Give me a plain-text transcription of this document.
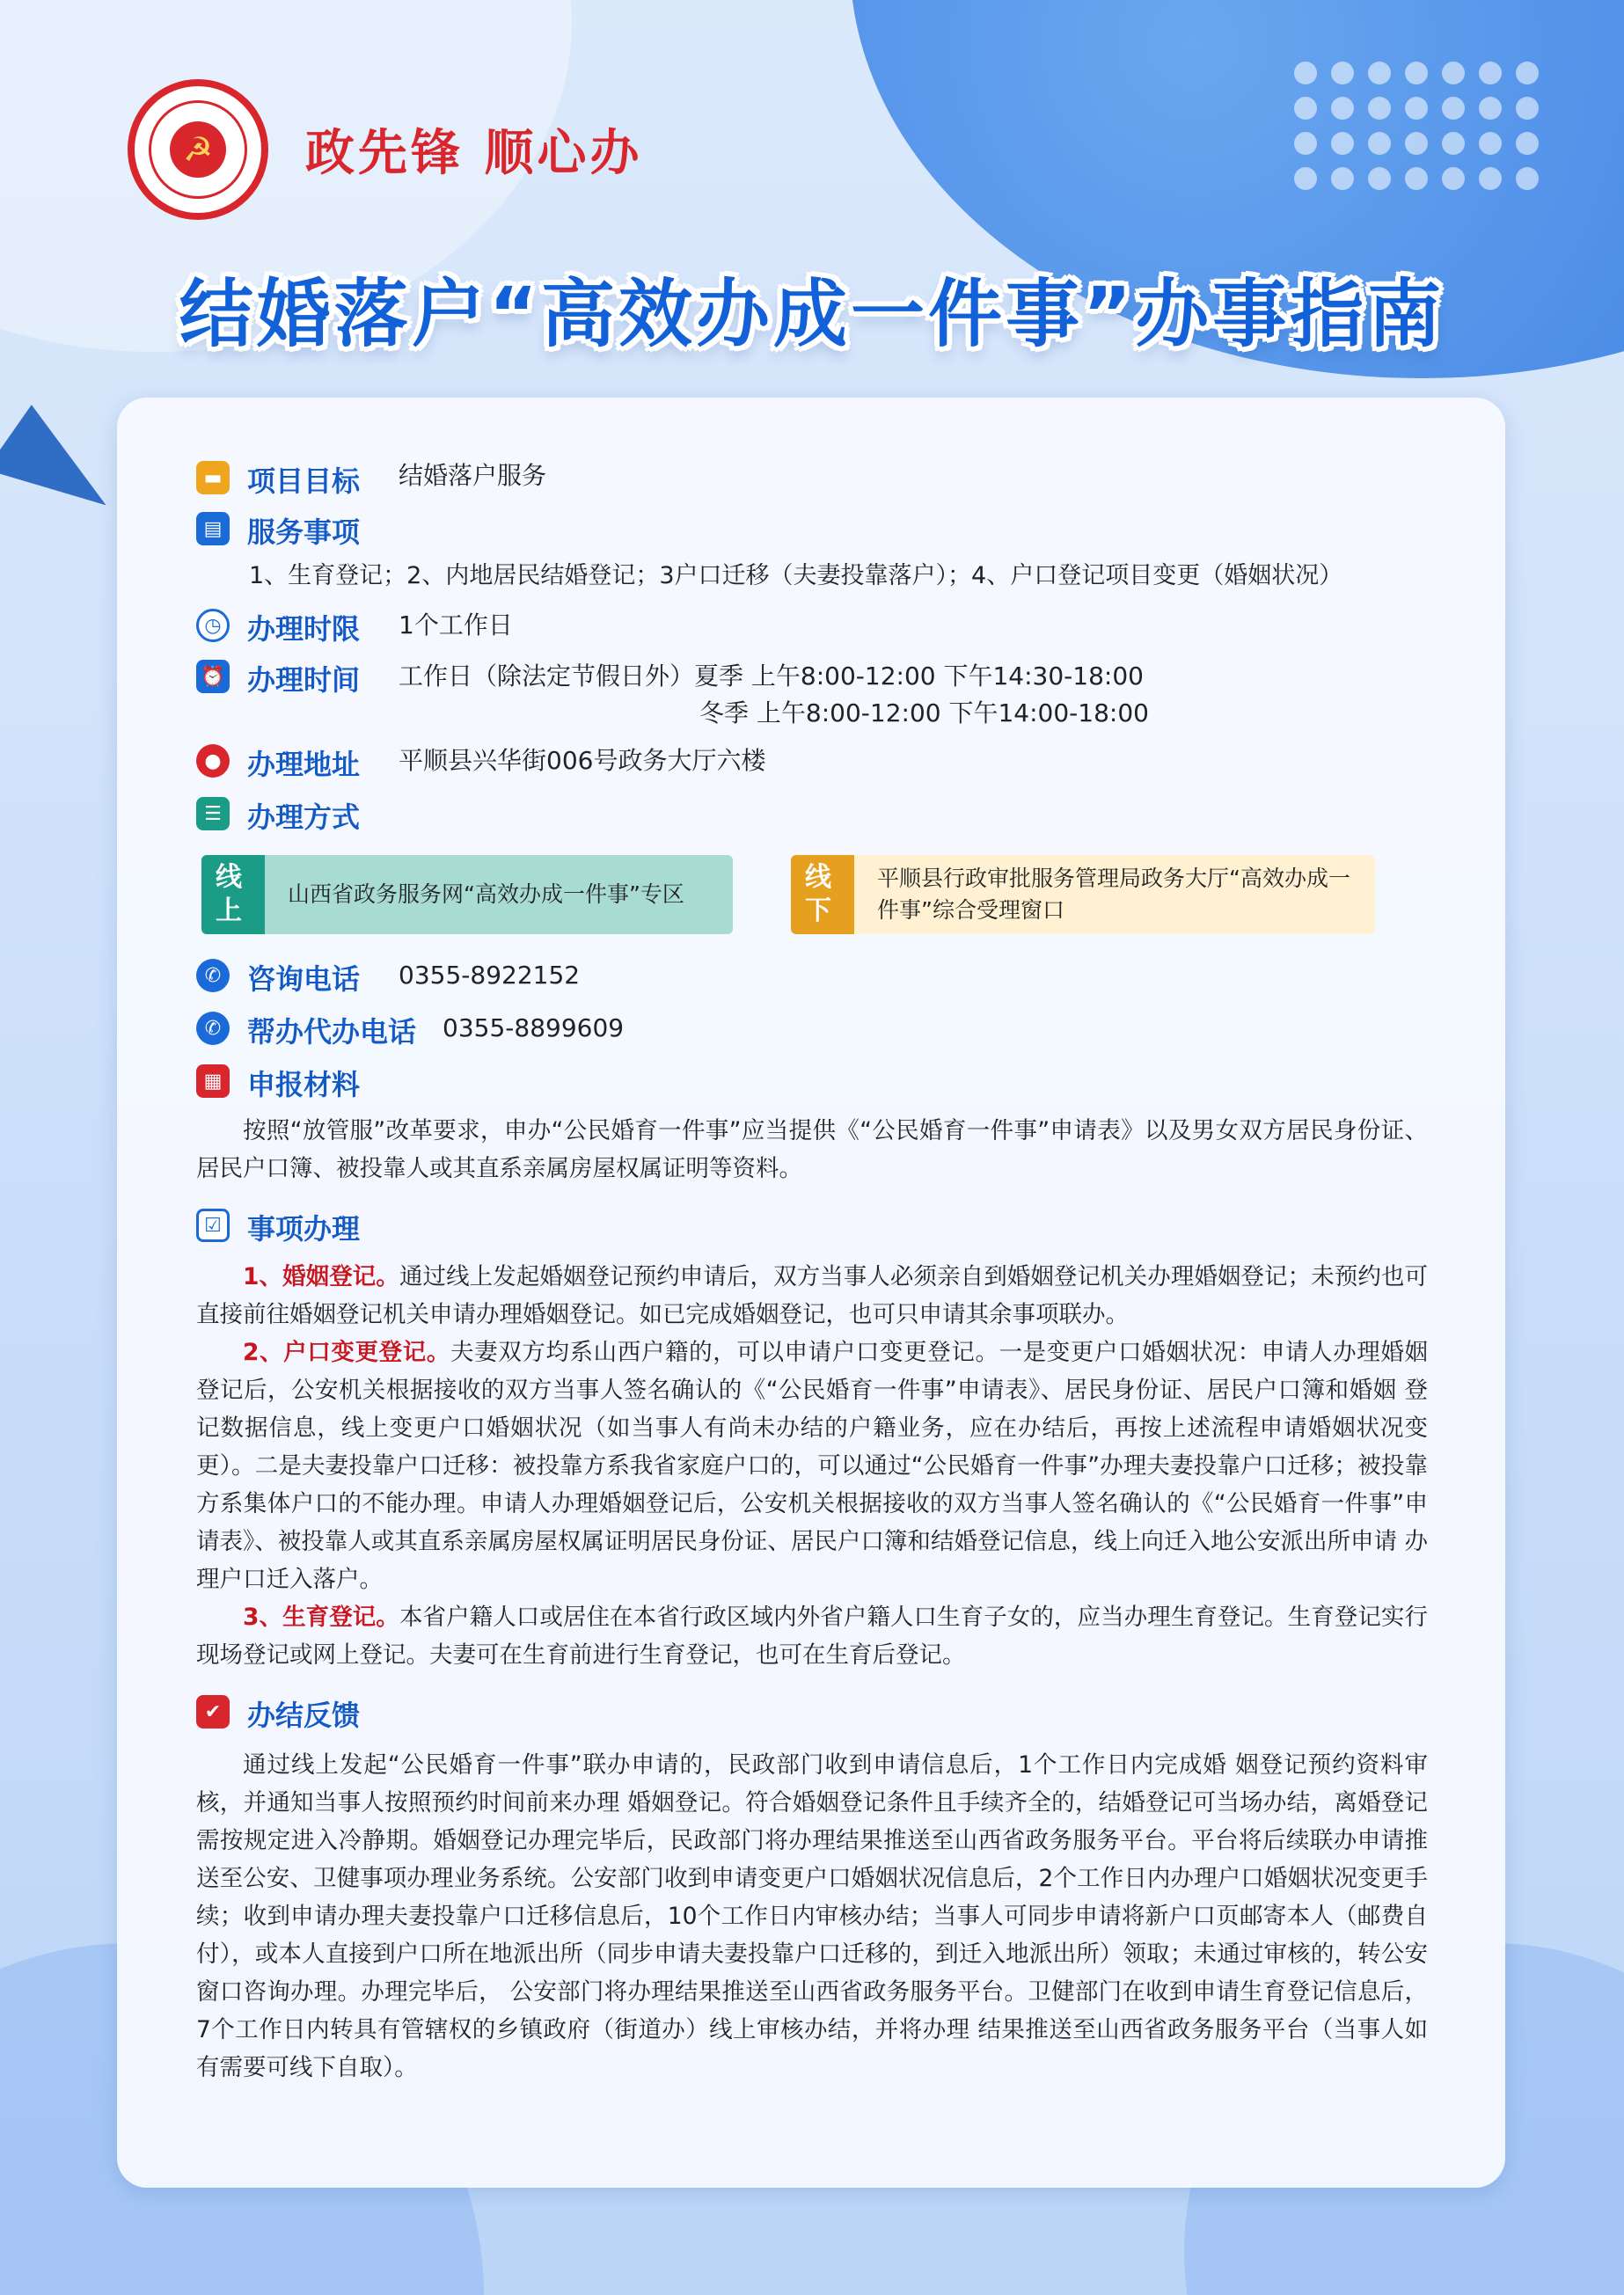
☭ 政先锋 顺心办
结婚落户“高效办成一件事”办事指南
▬ 项目目标 结婚落户服务
▤ 服务事项
1、生育登记；2、内地居民结婚登记；3户口迁移（夫妻投靠落户）；4、户口登记项目变更（婚姻状况）
◷ 办理时限 1个工作日
⏰ 办理时间 工作日（除法定节假日外）夏季 上午8:00-12:00 下午14:30-18:00
冬季 上午8:00-12:00 下午14:00-18:00
● 办理地址 平顺县兴华街006号政务大厅六楼
☰ 办理方式
线上
山西省政务服务网“高效办成一件事”专区
线下
平顺县行政审批服务管理局政务大厅“高效办成一件事”综合受理窗口
✆ 咨询电话 0355-8922152
✆ 帮办代办电话 0355-8899609
▦ 申报材料
按照“放管服”改革要求，申办“公民婚育一件事”应当提供《“公民婚育一件事”申请表》以及男女双方居民身份证、居民户口簿、被投靠人或其直系亲属房屋权属证明等资料。
☑ 事项办理
1、婚姻登记。通过线上发起婚姻登记预约申请后，双方当事人必须亲自到婚姻登记机关办理婚姻登记；未预约也可直接前往婚姻登记机关申请办理婚姻登记。如已完成婚姻登记，也可只申请其余事项联办。
2、户口变更登记。夫妻双方均系山西户籍的，可以申请户口变更登记。一是变更户口婚姻状况：申请人办理婚姻 登记后，公安机关根据接收的双方当事人签名确认的《“公民婚育一件事”申请表》、居民身份证、居民户口簿和婚姻 登记数据信息，线上变更户口婚姻状况（如当事人有尚未办结的户籍业务，应在办结后，再按上述流程申请婚姻状况变更）。二是夫妻投靠户口迁移：被投靠方系我省家庭户口的，可以通过“公民婚育一件事”办理夫妻投靠户口迁移；被投靠方系集体户口的不能办理。申请人办理婚姻登记后，公安机关根据接收的双方当事人签名确认的《“公民婚育一件事”申请表》、被投靠人或其直系亲属房屋权属证明居民身份证、居民户口簿和结婚登记信息，线上向迁入地公安派出所申请 办理户口迁入落户。
3、生育登记。本省户籍人口或居住在本省行政区域内外省户籍人口生育子女的，应当办理生育登记。生育登记实行现场登记或网上登记。夫妻可在生育前进行生育登记，也可在生育后登记。
✔ 办结反馈
通过线上发起“公民婚育一件事”联办申请的，民政部门收到申请信息后，1个工作日内完成婚 姻登记预约资料审核，并通知当事人按照预约时间前来办理 婚姻登记。符合婚姻登记条件且手续齐全的，结婚登记可当场办结，离婚登记需按规定进入冷静期。婚姻登记办理完毕后，民政部门将办理结果推送至山西省政务服务平台。平台将后续联办申请推送至公安、卫健事项办理业务系统。公安部门收到申请变更户口婚姻状况信息后，2个工作日内办理户口婚姻状况变更手续；收到申请办理夫妻投靠户口迁移信息后，10个工作日内审核办结；当事人可同步申请将新户口页邮寄本人（邮费自付），或本人直接到户口所在地派出所（同步申请夫妻投靠户口迁移的，到迁入地派出所）领取；未通过审核的，转公安窗口咨询办理。办理完毕后， 公安部门将办理结果推送至山西省政务服务平台。卫健部门在收到申请生育登记信息后，7个工作日内转具有管辖权的乡镇政府（街道办）线上审核办结，并将办理 结果推送至山西省政务服务平台（当事人如有需要可线下自取）。
